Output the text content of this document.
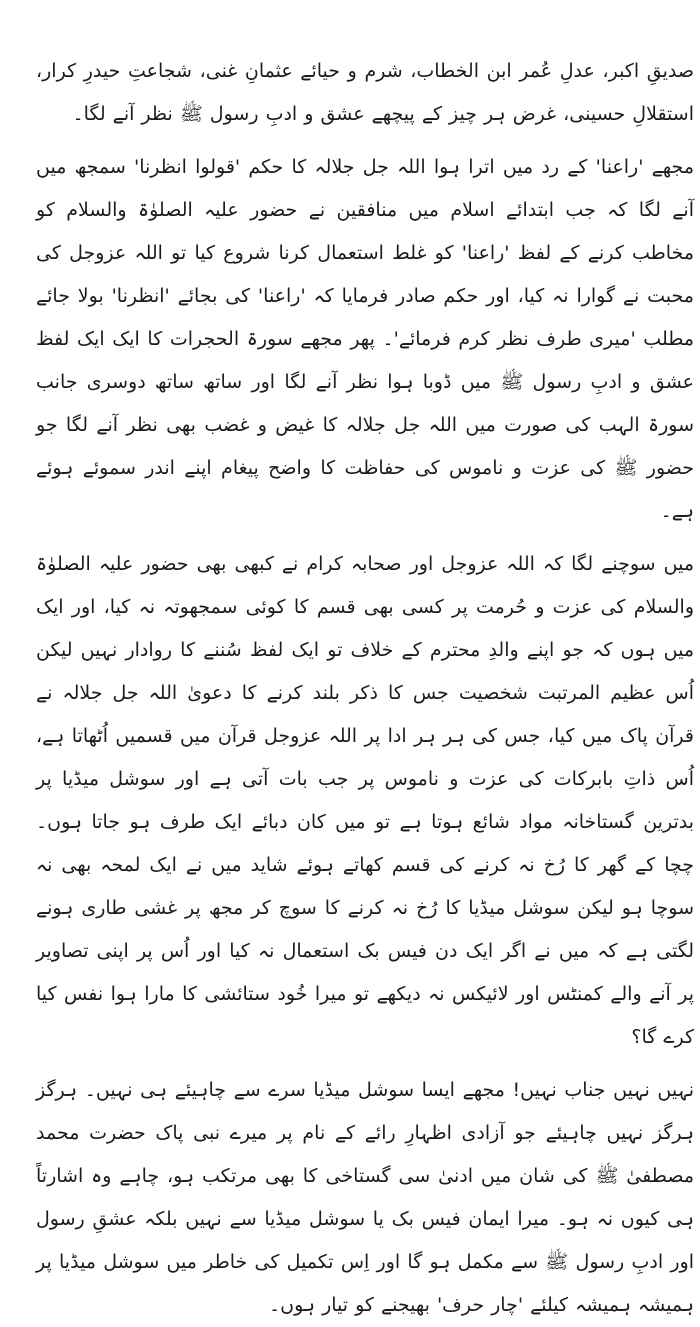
صدیقِ اکبر، عدلِ عُمر ابن الخطاب، شرم و حیائے عثمانِ غنی، شجاعتِ حیدرِ کرار، استقلالِ حسینی، غرض ہر چیز کے پیچھے عشق و ادبِ رسول ﷺ نظر آنے لگا۔

مجھے 'راعنا' کے رد میں اترا ہوا اللہ جل جلالہ کا حکم 'قولوا انظرنا' سمجھ میں آنے لگا کہ جب ابتدائے اسلام میں منافقین نے حضور علیہ الصلوٰۃ والسلام کو مخاطب کرنے کے لفظ 'راعنا' کو غلط استعمال کرنا شروع کیا تو اللہ عزوجل کی محبت نے گوارا نہ کیا، اور حکم صادر فرمایا کہ 'راعنا' کی بجائے 'انظرنا' بولا جائے مطلب 'میری طرف نظر کرم فرمائے'۔ پھر مجھے سورۃ الحجرات کا ایک ایک لفظ عشق و ادبِ رسول ﷺ میں ڈوبا ہوا نظر آنے لگا اور ساتھ ساتھ دوسری جانب سورۃ الہب کی صورت میں اللہ جل جلالہ کا غیض و غضب بھی نظر آنے لگا جو حضور ﷺ کی عزت و ناموس کی حفاظت کا واضح پیغام اپنے اندر سموئے ہوئے ہے۔

میں سوچنے لگا کہ اللہ عزوجل اور صحابہ کرام نے کبھی بھی حضور علیہ الصلوٰۃ والسلام کی عزت و حُرمت پر کسی بھی قسم کا کوئی سمجھوتہ نہ کیا، اور ایک میں ہوں کہ جو اپنے والدِ محترم کے خلاف تو ایک لفظ سُننے کا روادار نہیں لیکن اُس عظیم المرتبت شخصیت جس کا ذکر بلند کرنے کا دعویٰ اللہ جل جلالہ نے قرآن پاک میں کیا، جس کی ہر ہر ادا پر اللہ عزوجل قرآن میں قسمیں اُٹھاتا ہے، اُس ذاتِ بابرکات کی عزت و ناموس پر جب بات آتی ہے اور سوشل میڈیا پر بدترین گستاخانہ مواد شائع ہوتا ہے تو میں کان دبائے ایک طرف ہو جاتا ہوں۔ چچا کے گھر کا رُخ نہ کرنے کی قسم کھاتے ہوئے شاید میں نے ایک لمحہ بھی نہ سوچا ہو لیکن سوشل میڈیا کا رُخ نہ کرنے کا سوچ کر مجھ پر غشی طاری ہونے لگتی ہے کہ میں نے اگر ایک دن فیس بک استعمال نہ کیا اور اُس پر اپنی تصاویر پر آنے والے کمنٹس اور لائیکس نہ دیکھے تو میرا خُود ستائشی کا مارا ہوا نفس کیا کرے گا؟

نہیں نہیں جناب نہیں! مجھے ایسا سوشل میڈیا سرے سے چاہیئے ہی نہیں۔ ہرگز ہرگز نہیں چاہیئے جو آزادی اظہارِ رائے کے نام پر میرے نبی پاک حضرت محمد مصطفیٰ ﷺ کی شان میں ادنیٰ سی گستاخی کا بھی مرتکب ہو، چاہے وہ اشارتاً ہی کیوں نہ ہو۔ میرا ایمان فیس بک یا سوشل میڈیا سے نہیں بلکہ عشقِ رسول اور ادبِ رسول ﷺ سے مکمل ہو گا اور اِس تکمیل کی خاطر میں سوشل میڈیا پر ہمیشہ ہمیشہ کیلئے 'چار حرف' بھیجنے کو تیار ہوں۔
